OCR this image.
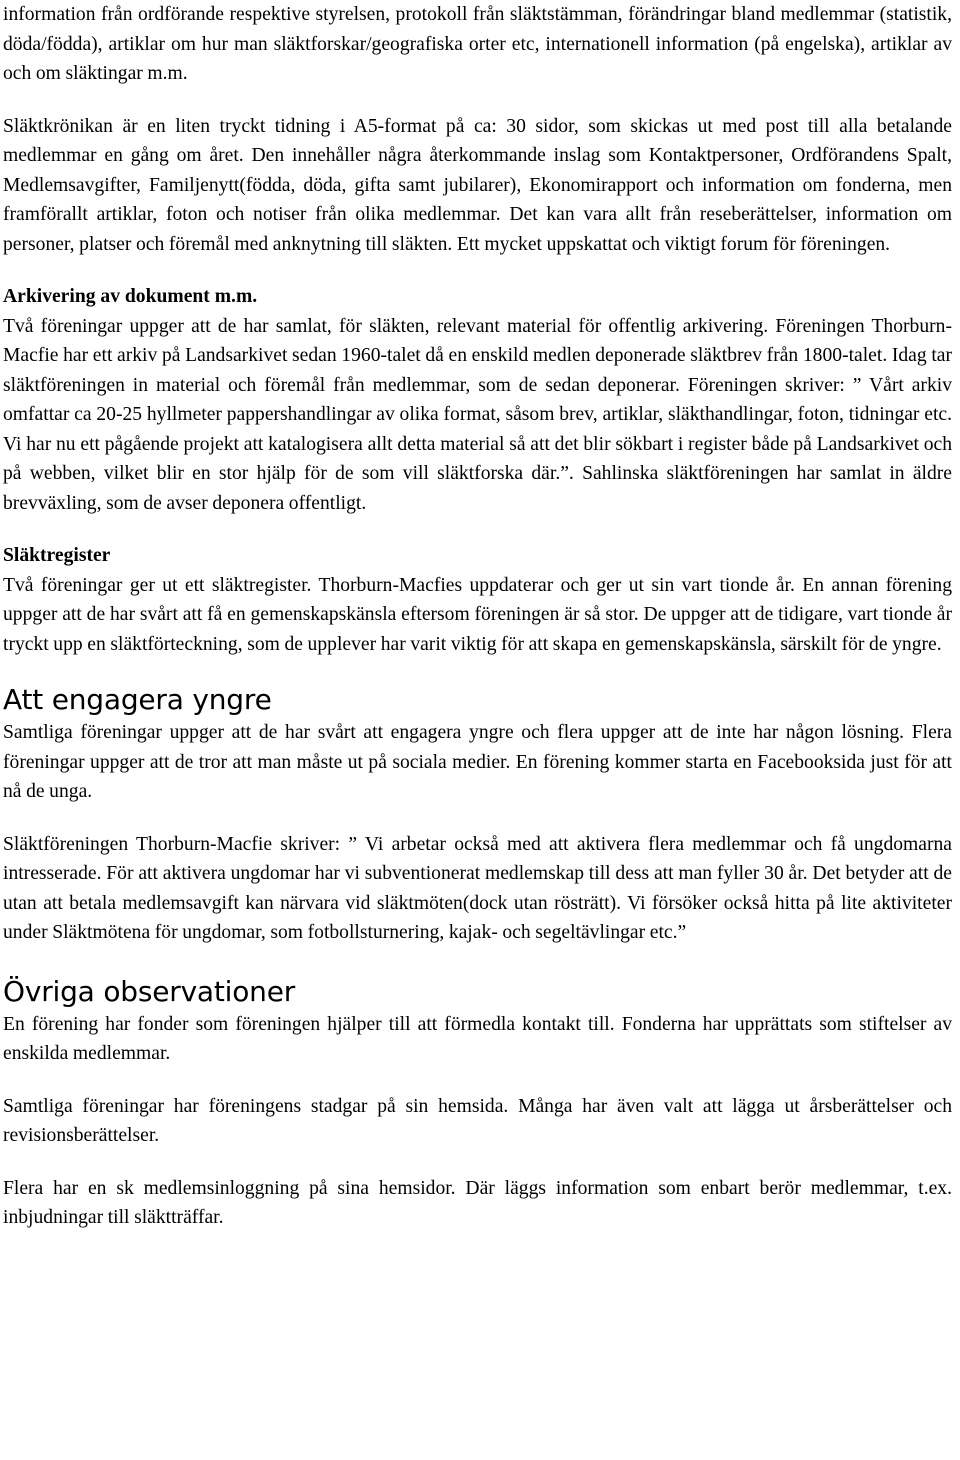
information från ordförande respektive styrelsen, protokoll från släktstämman, förändringar bland medlemmar (statistik, döda/födda), artiklar om hur man släktforskar/geografiska orter etc, internationell information (på engelska), artiklar av och om släktingar m.m.

Släktkrönikan är en liten tryckt tidning i A5-format på ca: 30 sidor, som skickas ut med post till alla betalande medlemmar en gång om året. Den innehåller några återkommande inslag som Kontaktpersoner, Ordförandens Spalt, Medlemsavgifter, Familjenytt(födda, döda, gifta samt jubilarer), Ekonomirapport och information om fonderna, men framförallt artiklar, foton och notiser från olika medlemmar. Det kan vara allt från reseberättelser, information om personer, platser och föremål med anknytning till släkten. Ett mycket uppskattat och viktigt forum för föreningen.

Arkivering av dokument m.m.

Två föreningar uppger att de har samlat, för släkten, relevant material för offentlig arkivering. Föreningen Thorburn-Macfie har ett arkiv på Landsarkivet sedan 1960-talet då en enskild medlen deponerade släktbrev från 1800-talet. Idag tar släktföreningen in material och föremål från medlemmar, som de sedan deponerar. Föreningen skriver: ” Vårt arkiv omfattar ca 20-25 hyllmeter pappershandlingar av olika format, såsom brev, artiklar, släkthandlingar, foton, tidningar etc. Vi har nu ett pågående projekt att katalogisera allt detta material så att det blir sökbart i register både på Landsarkivet och på webben, vilket blir en stor hjälp för de som vill släktforska där.”. Sahlinska släktföreningen har samlat in äldre brevväxling, som de avser deponera offentligt.

Släktregister

Två föreningar ger ut ett släktregister. Thorburn-Macfies uppdaterar och ger ut sin vart tionde år. En annan förening uppger att de har svårt att få en gemenskapskänsla eftersom föreningen är så stor. De uppger att de tidigare, vart tionde år tryckt upp en släktförteckning, som de upplever har varit viktig för att skapa en gemenskapskänsla, särskilt för de yngre.

Att engagera yngre

Samtliga föreningar uppger att de har svårt att engagera yngre och flera uppger att de inte har någon lösning. Flera föreningar uppger att de tror att man måste ut på sociala medier. En förening kommer starta en Facebooksida just för att nå de unga.

Släktföreningen Thorburn-Macfie skriver: ” Vi arbetar också med att aktivera flera medlemmar och få ungdomarna intresserade. För att aktivera ungdomar har vi subventionerat medlemskap till dess att man fyller 30 år. Det betyder att de utan att betala medlemsavgift kan närvara vid släktmöten(dock utan rösträtt). Vi försöker också hitta på lite aktiviteter under Släktmötena för ungdomar, som fotbollsturnering, kajak- och segeltävlingar etc.”

Övriga observationer

En förening har fonder som föreningen hjälper till att förmedla kontakt till. Fonderna har upprättats som stiftelser av enskilda medlemmar.

Samtliga föreningar har föreningens stadgar på sin hemsida. Många har även valt att lägga ut årsberättelser och revisionsberättelser.

Flera har en sk medlemsinloggning på sina hemsidor. Där läggs information som enbart berör medlemmar, t.ex. inbjudningar till släktträffar.
